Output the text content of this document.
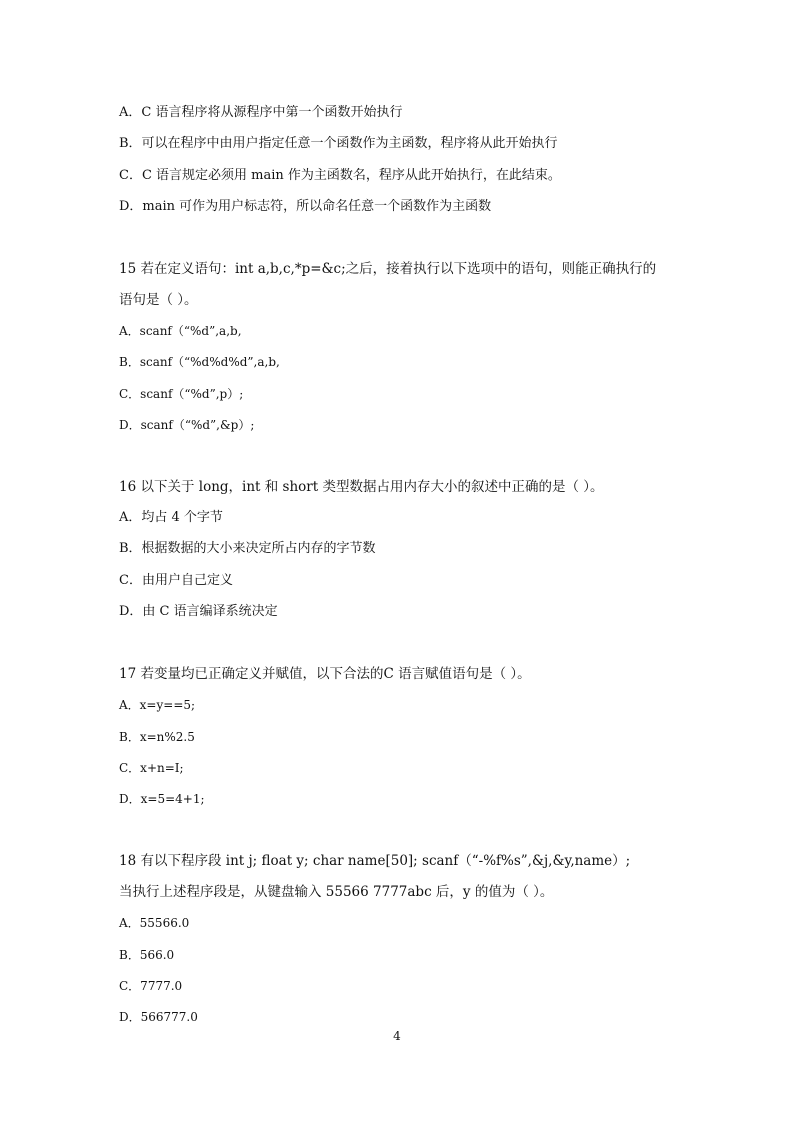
A．C 语言程序将从源程序中第一个函数开始执行
B．可以在程序中由用户指定任意一个函数作为主函数，程序将从此开始执行
C．C 语言规定必须用 main 作为主函数名，程序从此开始执行，在此结束。
D．main 可作为用户标志符，所以命名任意一个函数作为主函数
15 若在定义语句：int a,b,c,*p=&c;之后，接着执行以下选项中的语句，则能正确执行的
语句是（ ）。
A．scanf（“%d”,a,b,
B．scanf（“%d%d%d”,a,b,
C．scanf（“%d”,p）;
D．scanf（“%d”,&p）;
16 以下关于 long，int 和 short 类型数据占用内存大小的叙述中正确的是（ ）。
A．均占 4 个字节
B．根据数据的大小来决定所占内存的字节数
C．由用户自己定义
D．由 C 语言编译系统决定
17 若变量均已正确定义并赋值，以下合法的C 语言赋值语句是（ ）。
A．x=y==5;
B．x=n%2.5
C．x+n=I;
D．x=5=4+1;
18 有以下程序段 int j; float y; char name[50]; scanf（“-%f%s”,&j,&y,name）;
当执行上述程序段是，从键盘输入 55566 7777abc 后，y 的值为（ ）。
A．55566.0
B．566.0
C．7777.0
D．566777.0
4
